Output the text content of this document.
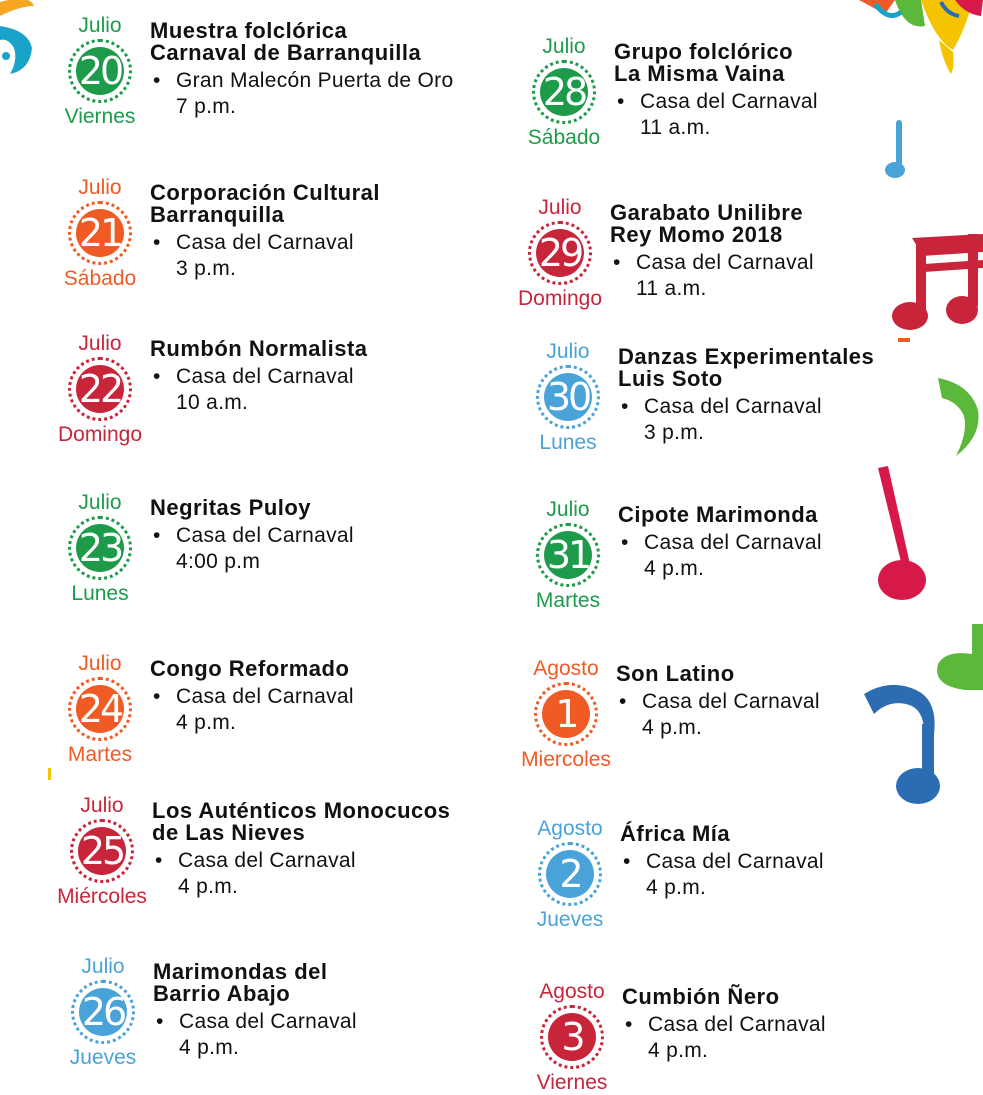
Julio
20
Viernes
Muestra folclórica
Carnaval de Barranquilla
• Gran Malecón Puerta de Oro
7 p.m.
Julio
21
Sábado
Corporación Cultural
Barranquilla
• Casa del Carnaval
3 p.m.
Julio
22
Domingo
Rumbón Normalista
• Casa del Carnaval
10 a.m.
Julio
23
Lunes
Negritas Puloy
• Casa del Carnaval
4:00 p.m
Julio
24
Martes
Congo Reformado
• Casa del Carnaval
4 p.m.
Julio
25
Miércoles
Los Auténticos Monocucos
de Las Nieves
• Casa del Carnaval
4 p.m.
Julio
26
Jueves
Marimondas del
Barrio Abajo
• Casa del Carnaval
4 p.m.
Julio
28
Sábado
Grupo folclórico
La Misma Vaina
• Casa del Carnaval
11 a.m.
Julio
29
Domingo
Garabato Unilibre
Rey Momo 2018
• Casa del Carnaval
11 a.m.
Julio
30
Lunes
Danzas Experimentales
Luis Soto
• Casa del Carnaval
3 p.m.
Julio
31
Martes
Cipote Marimonda
• Casa del Carnaval
4 p.m.
Agosto
1
Miercoles
Son Latino
• Casa del Carnaval
4 p.m.
Agosto
2
Jueves
África Mía
• Casa del Carnaval
4 p.m.
Agosto
3
Viernes
Cumbión Ñero
• Casa del Carnaval
4 p.m.
